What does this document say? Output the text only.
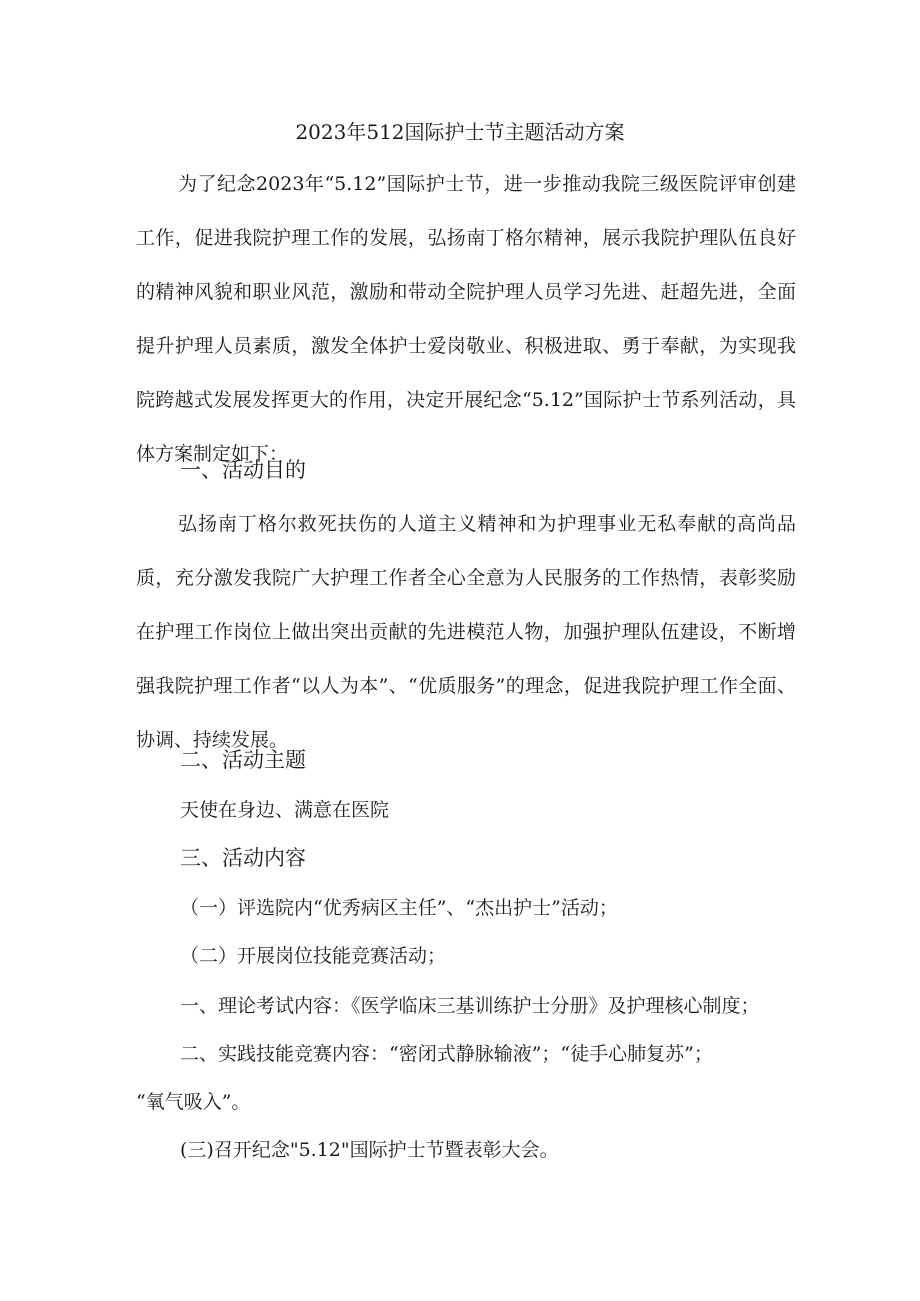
2023年512国际护士节主题活动方案

为了纪念2023年“5.12”国际护士节，进一步推动我院三级医院评审创建工作，促进我院护理工作的发展，弘扬南丁格尔精神，展示我院护理队伍良好的精神风貌和职业风范，激励和带动全院护理人员学习先进、赶超先进，全面提升护理人员素质，激发全体护士爱岗敬业、积极进取、勇于奉献，为实现我院跨越式发展发挥更大的作用，决定开展纪念“5.12”国际护士节系列活动，具体方案制定如下：

一、活动目的

弘扬南丁格尔救死扶伤的人道主义精神和为护理事业无私奉献的高尚品质，充分激发我院广大护理工作者全心全意为人民服务的工作热情，表彰奖励在护理工作岗位上做出突出贡献的先进模范人物，加强护理队伍建设，不断增强我院护理工作者“以人为本”、“优质服务”的理念，促进我院护理工作全面、协调、持续发展。

二、活动主题
天使在身边、满意在医院
三、活动内容
（一）评选院内“优秀病区主任”、“杰出护士”活动；
（二）开展岗位技能竞赛活动；
一、理论考试内容：《医学临床三基训练护士分册》及护理核心制度；
二、实践技能竞赛内容：“密闭式静脉输液”；“徒手心肺复苏”；
“氧气吸入”。
(三)召开纪念"5.12"国际护士节暨表彰大会。
